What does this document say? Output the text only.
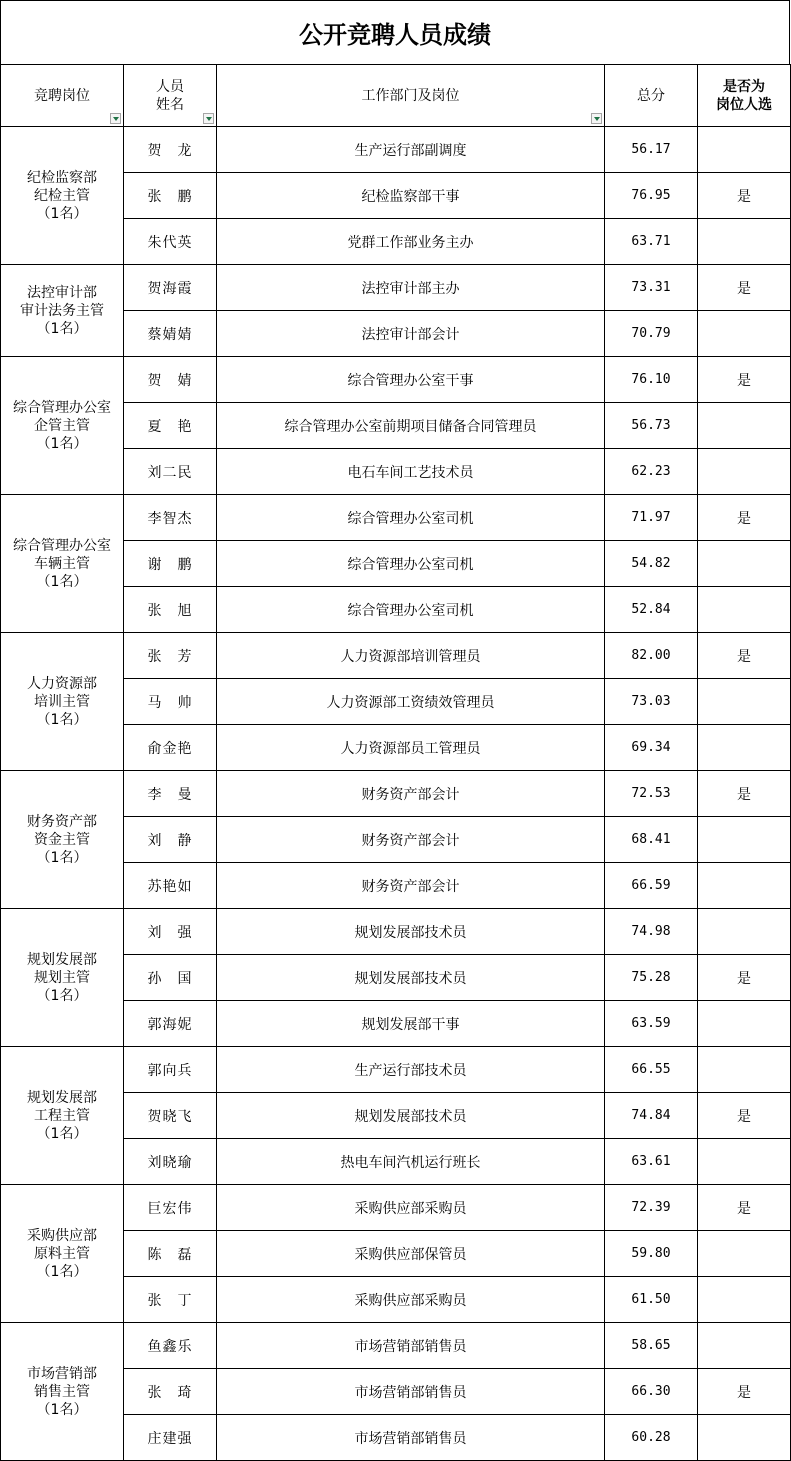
公开竞聘人员成绩
竞聘岗位	人员
姓名	工作部门及岗位	总分	是否为
岗位人选

纪检监察部
纪检主管
（1名）	贺　龙	生产运行部副调度	56.17	
	张　鹏	纪检监察部干事	76.95	是
	朱代英	党群工作部业务主办	63.71	

法控审计部
审计法务主管
（1名）	贺海霞	法控审计部主办	73.31	是
	蔡婧婧	法控审计部会计	70.79	

综合管理办公室
企管主管
（1名）	贺　婧	综合管理办公室干事	76.10	是
	夏　艳	综合管理办公室前期项目储备合同管理员	56.73	
	刘二民	电石车间工艺技术员	62.23	

综合管理办公室
车辆主管
（1名）	李智杰	综合管理办公室司机	71.97	是
	谢　鹏	综合管理办公室司机	54.82	
	张　旭	综合管理办公室司机	52.84	

人力资源部
培训主管
（1名）	张　芳	人力资源部培训管理员	82.00	是
	马　帅	人力资源部工资绩效管理员	73.03	
	俞金艳	人力资源部员工管理员	69.34	

财务资产部
资金主管
（1名）	李　曼	财务资产部会计	72.53	是
	刘　静	财务资产部会计	68.41	
	苏艳如	财务资产部会计	66.59	

规划发展部
规划主管
（1名）	刘　强	规划发展部技术员	74.98	
	孙　国	规划发展部技术员	75.28	是
	郭海妮	规划发展部干事	63.59	

规划发展部
工程主管
（1名）	郭向兵	生产运行部技术员	66.55	
	贺晓飞	规划发展部技术员	74.84	是
	刘晓瑜	热电车间汽机运行班长	63.61	

采购供应部
原料主管
（1名）	巨宏伟	采购供应部采购员	72.39	是
	陈　磊	采购供应部保管员	59.80	
	张　丁	采购供应部采购员	61.50	

市场营销部
销售主管
（1名）	鱼鑫乐	市场营销部销售员	58.65	
	张　琦	市场营销部销售员	66.30	是
	庄建强	市场营销部销售员	60.28	
